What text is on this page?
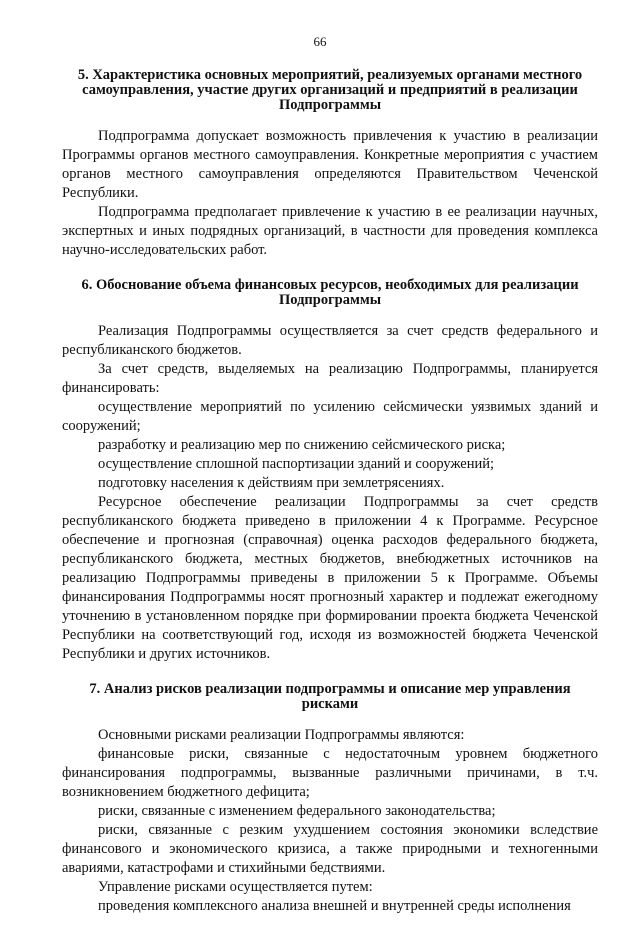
66

5. Характеристика основных мероприятий, реализуемых органами местного самоуправления, участие других организаций и предприятий в реализации Подпрограммы

Подпрограмма допускает возможность привлечения к участию в реализации Программы органов местного самоуправления. Конкретные мероприятия с участием органов местного самоуправления определяются Правительством Чеченской Республики.

Подпрограмма предполагает привлечение к участию в ее реализации научных, экспертных и иных подрядных организаций, в частности для проведения комплекса научно-исследовательских работ.

6. Обоснование объема финансовых ресурсов, необходимых для реализации Подпрограммы

Реализация Подпрограммы осуществляется за счет средств федерального и республиканского бюджетов.

За счет средств, выделяемых на реализацию Подпрограммы, планируется финансировать:

осуществление мероприятий по усилению сейсмически уязвимых зданий и сооружений;

разработку и реализацию мер по снижению сейсмического риска;

осуществление сплошной паспортизации зданий и сооружений;

подготовку населения к действиям при землетрясениях.

Ресурсное обеспечение реализации Подпрограммы за счет средств республиканского бюджета приведено в приложении 4 к Программе. Ресурсное обеспечение и прогнозная (справочная) оценка расходов федерального бюджета, республиканского бюджета, местных бюджетов, внебюджетных источников на реализацию Подпрограммы приведены в приложении 5 к Программе. Объемы финансирования Подпрограммы носят прогнозный характер и подлежат ежегодному уточнению в установленном порядке при формировании проекта бюджета Чеченской Республики на соответствующий год, исходя из возможностей бюджета Чеченской Республики и других источников.

7. Анализ рисков реализации подпрограммы и описание мер управления рисками

Основными рисками реализации Подпрограммы являются:

финансовые риски, связанные с недостаточным уровнем бюджетного финансирования подпрограммы, вызванные различными причинами, в т.ч. возникновением бюджетного дефицита;

риски, связанные с изменением федерального законодательства;

риски, связанные с резким ухудшением состояния экономики вследствие финансового и экономического кризиса, а также природными и техногенными авариями, катастрофами и стихийными бедствиями.

Управление рисками осуществляется путем:

проведения комплексного анализа внешней и внутренней среды исполнения
